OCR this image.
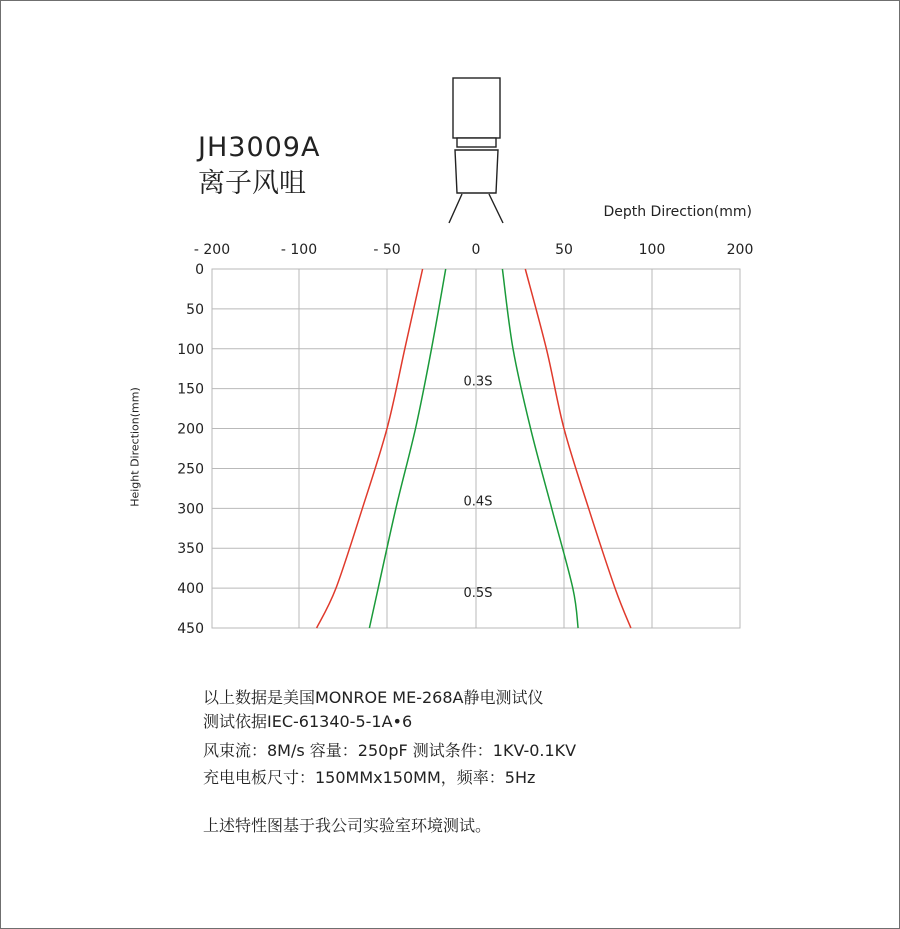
JH3009A
离子风咀
- 200	- 100	- 50	0	50	100	200
0
50
100
150
200
250
300
350
400
450
0.3S
0.4S
0.5S
Depth Direction(mm)
Height Direction(mm)
以上数据是美国MONROE ME-268A静电测试仪
测试依据IEC-61340-5-1A•6
风束流：8M/s 容量：250pF 测试条件：1KV-0.1KV
充电电板尺寸：150MMx150MM，频率：5Hz
上述特性图基于我公司实验室环境测试。
